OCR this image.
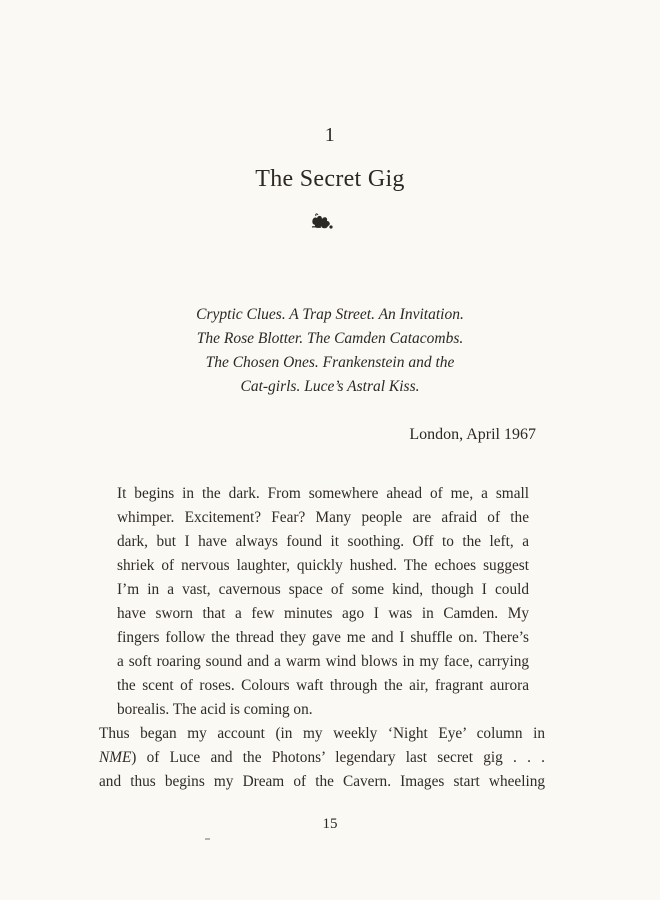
1
The Secret Gig
Cryptic Clues. A Trap Street. An Invitation.
The Rose Blotter. The Camden Catacombs.
The Chosen Ones. Frankenstein and the
Cat-girls. Luce’s Astral Kiss.
London, April 1967
It begins in the dark. From somewhere ahead of me, a small
whimper. Excitement? Fear? Many people are afraid of the
dark, but I have always found it soothing. Off to the left, a
shriek of nervous laughter, quickly hushed. The echoes suggest
I’m in a vast, cavernous space of some kind, though I could
have sworn that a few minutes ago I was in Camden. My
fingers follow the thread they gave me and I shuffle on. There’s
a soft roaring sound and a warm wind blows in my face, carrying
the scent of roses. Colours waft through the air, fragrant aurora
borealis. The acid is coming on.
Thus began my account (in my weekly ‘Night Eye’ column in
NME) of Luce and the Photons’ legendary last secret gig . . .
and thus begins my Dream of the Cavern. Images start wheeling
15
